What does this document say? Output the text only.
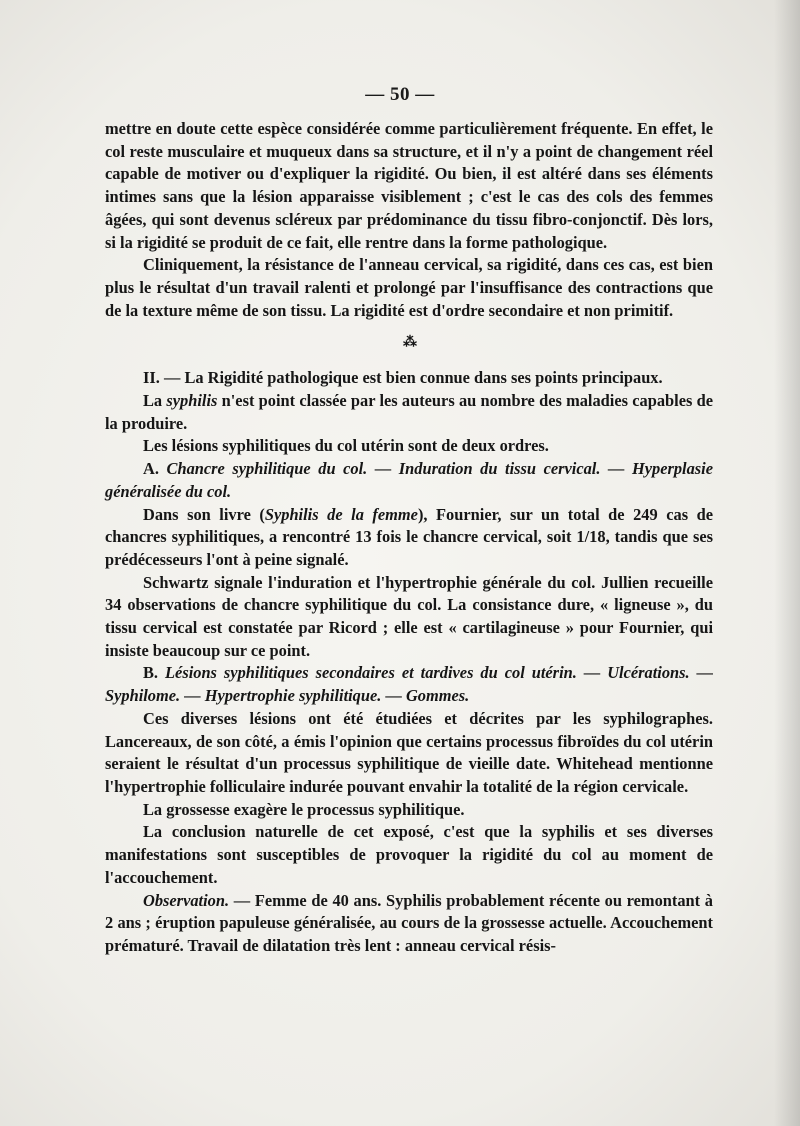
— 50 —

mettre en doute cette espèce considérée comme particulièrement fréquente. En effet, le col reste musculaire et muqueux dans sa structure, et il n'y a point de changement réel capable de motiver ou d'expliquer la rigidité. Ou bien, il est altéré dans ses éléments intimes sans que la lésion apparaisse visiblement ; c'est le cas des cols des femmes âgées, qui sont devenus scléreux par prédominance du tissu fibro-conjonctif. Dès lors, si la rigidité se produit de ce fait, elle rentre dans la forme pathologique.

Cliniquement, la résistance de l'anneau cervical, sa rigidité, dans ces cas, est bien plus le résultat d'un travail ralenti et prolongé par l'insuffisance des contractions que de la texture même de son tissu. La rigidité est d'ordre secondaire et non primitif.

⁂

II. — La Rigidité pathologique est bien connue dans ses points principaux.

La syphilis n'est point classée par les auteurs au nombre des maladies capables de la produire.

Les lésions syphilitiques du col utérin sont de deux ordres.

A. Chancre syphilitique du col. — Induration du tissu cervical. — Hyperplasie généralisée du col.

Dans son livre (Syphilis de la femme), Fournier, sur un total de 249 cas de chancres syphilitiques, a rencontré 13 fois le chancre cervical, soit 1/18, tandis que ses prédécesseurs l'ont à peine signalé.

Schwartz signale l'induration et l'hypertrophie générale du col. Jullien recueille 34 observations de chancre syphilitique du col. La consistance dure, « ligneuse », du tissu cervical est constatée par Ricord ; elle est « cartilagineuse » pour Fournier, qui insiste beaucoup sur ce point.

B. Lésions syphilitiques secondaires et tardives du col utérin. — Ulcérations. — Syphilome. — Hypertrophie syphilitique. — Gommes.

Ces diverses lésions ont été étudiées et décrites par les syphilographes. Lancereaux, de son côté, a émis l'opinion que certains processus fibroïdes du col utérin seraient le résultat d'un processus syphilitique de vieille date. Whitehead mentionne l'hypertrophie folliculaire indurée pouvant envahir la totalité de la région cervicale.

La grossesse exagère le processus syphilitique.

La conclusion naturelle de cet exposé, c'est que la syphilis et ses diverses manifestations sont susceptibles de provoquer la rigidité du col au moment de l'accouchement.

Observation. — Femme de 40 ans. Syphilis probablement récente ou remontant à 2 ans ; éruption papuleuse généralisée, au cours de la grossesse actuelle. Accouchement prématuré. Travail de dilatation très lent : anneau cervical résis-
